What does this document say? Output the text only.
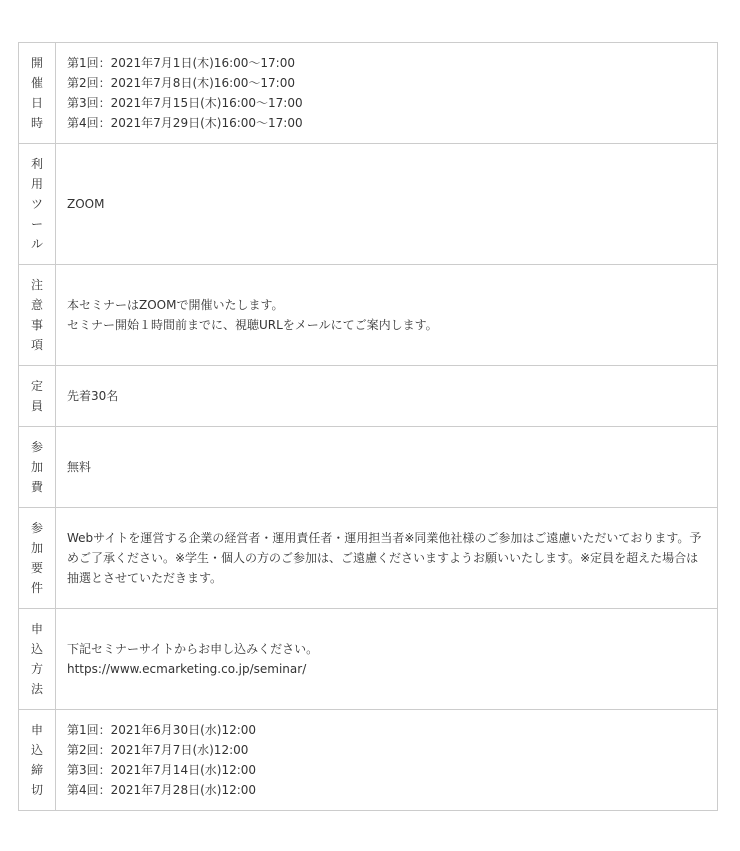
開催日時	第1回：2021年7月1日(木)16:00～17:00
第2回：2021年7月8日(木)16:00～17:00
第3回：2021年7月15日(木)16:00～17:00
第4回：2021年7月29日(木)16:00～17:00

利用ツール	ZOOM

注意事項	本セミナーはZOOMで開催いたします。
セミナー開始１時間前までに、視聴URLをメールにてご案内します。

定員	先着30名

参加費	無料

参加要件	Webサイトを運営する企業の経営者・運用責任者・運用担当者※同業他社様のご参加はご遠慮いただいております。予めご了承ください。※学生・個人の方のご参加は、ご遠慮くださいますようお願いいたします。※定員を超えた場合は抽選とさせていただきます。

申込方法	下記セミナーサイトからお申し込みください。
https://www.ecmarketing.co.jp/seminar/

申込締切	第1回：2021年6月30日(水)12:00
第2回：2021年7月7日(水)12:00
第3回：2021年7月14日(水)12:00
第4回：2021年7月28日(水)12:00
